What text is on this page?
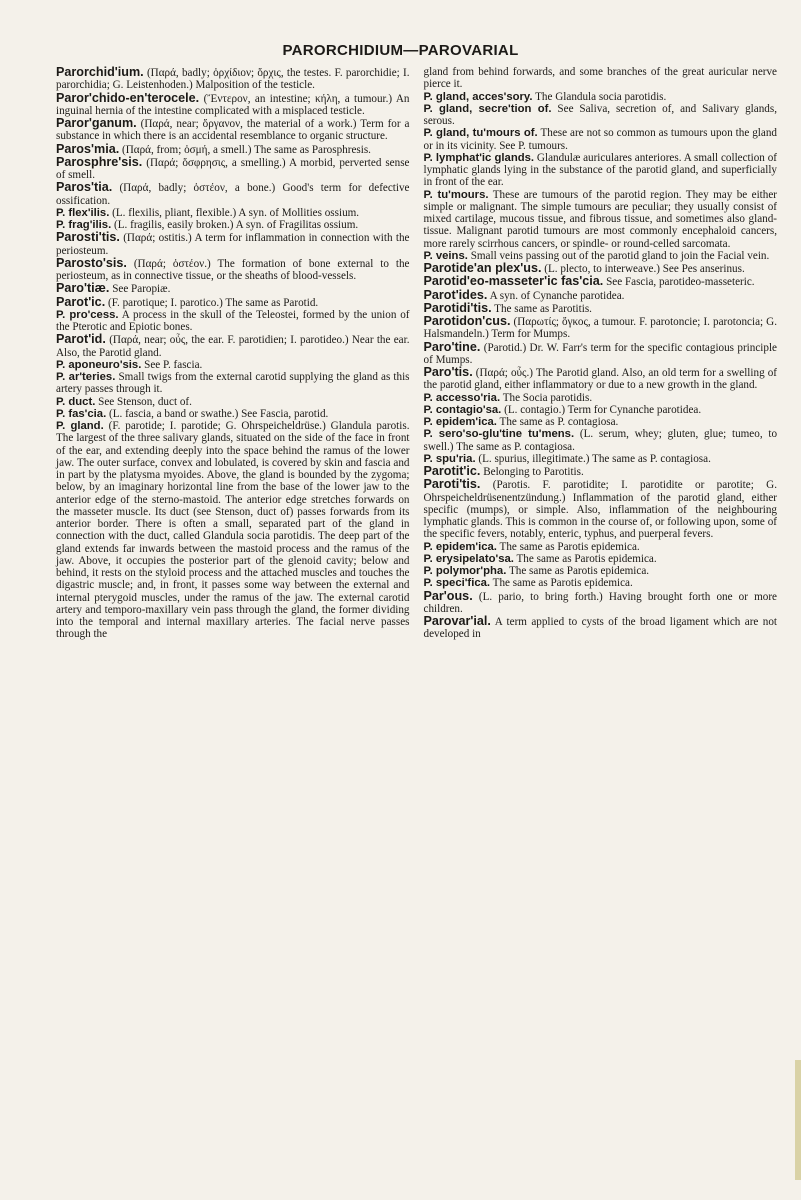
PARORCHIDIUM—PAROVARIAL

Parorchid'ium. (Παρά, badly; ὀρχίδιον; ὄρχις, the testes. F. parorchidie; I. parorchidia; G. Leistenhoden.) Malposition of the testicle.

Paror'chido-en'terocele. (Ἔντερον, an intestine; κήλη, a tumour.) An inguinal hernia of the intestine complicated with a misplaced testicle.

Paror'ganum. (Παρά, near; ὄργανον, the material of a work.) Term for a substance in which there is an accidental resemblance to organic structure.

Paros'mia. (Παρά, from; ὀσμή, a smell.) The same as Parosphresis.

Parosphre'sis. (Παρά; ὄσφρησις, a smelling.) A morbid, perverted sense of smell.

Paros'tia. (Παρά, badly; ὀστέον, a bone.) Good's term for defective ossification.

P. flex'ilis. (L. flexilis, pliant, flexible.) A syn. of Mollities ossium.

P. frag'ilis. (L. fragilis, easily broken.) A syn. of Fragilitas ossium.

Parosti'tis. (Παρά; ostitis.) A term for inflammation in connection with the periosteum.

Parosto'sis. (Παρά; ὀστέον.) The formation of bone external to the periosteum, as in connective tissue, or the sheaths of blood-vessels.

Paro'tiæ. See Paropiæ.

Parot'ic. (F. parotique; I. parotico.) The same as Parotid.

P. pro'cess. A process in the skull of the Teleostei, formed by the union of the Pterotic and Epiotic bones.

Parot'id. (Παρά, near; οὖς, the ear. F. parotidien; I. parotideo.) Near the ear. Also, the Parotid gland.

P. aponeuro'sis. See P. fascia.

P. ar'teries. Small twigs from the external carotid supplying the gland as this artery passes through it.

P. duct. See Stenson, duct of.

P. fas'cia. (L. fascia, a band or swathe.) See Fascia, parotid.

P. gland. (F. parotide; I. parotide; G. Ohrspeicheldrüse.) Glandula parotis. The largest of the three salivary glands, situated on the side of the face in front of the ear, and extending deeply into the space behind the ramus of the lower jaw. The outer surface, convex and lobulated, is covered by skin and fascia and in part by the platysma myoides. Above, the gland is bounded by the zygoma; below, by an imaginary horizontal line from the base of the lower jaw to the anterior edge of the sterno-mastoid. The anterior edge stretches forwards on the masseter muscle. Its duct (see Stenson, duct of) passes forwards from its anterior border. There is often a small, separated part of the gland in connection with the duct, called Glandula socia parotidis. The deep part of the gland extends far inwards between the mastoid process and the ramus of the jaw. Above, it occupies the posterior part of the glenoid cavity; below and behind, it rests on the styloid process and the attached muscles and touches the digastric muscle; and, in front, it passes some way between the external and internal pterygoid muscles, under the ramus of the jaw. The external carotid artery and temporo-maxillary vein pass through the gland, the former dividing into the temporal and internal maxillary arteries. The facial nerve passes through the

gland from behind forwards, and some branches of the great auricular nerve pierce it.

P. gland, acces'sory. The Glandula socia parotidis.

P. gland, secre'tion of. See Saliva, secretion of, and Salivary glands, serous.

P. gland, tu'mours of. These are not so common as tumours upon the gland or in its vicinity. See P. tumours.

P. lymphat'ic glands. Glandulæ auriculares anteriores. A small collection of lymphatic glands lying in the substance of the parotid gland, and superficially in front of the ear.

P. tu'mours. These are tumours of the parotid region. They may be either simple or malignant. The simple tumours are peculiar; they usually consist of mixed cartilage, mucous tissue, and fibrous tissue, and sometimes also gland-tissue. Malignant parotid tumours are most commonly encephaloid cancers, more rarely scirrhous cancers, or spindle- or round-celled sarcomata.

P. veins. Small veins passing out of the parotid gland to join the Facial vein.

Parotide'an plex'us. (L. plecto, to interweave.) See Pes anserinus.

Parotid'eo-masseter'ic fas'cia. See Fascia, parotideo-masseteric.

Parot'ides. A syn. of Cynanche parotidea.

Parotidi'tis. The same as Parotitis.

Parotidon'cus. (Παρωτίς; ὄγκος, a tumour. F. parotoncie; I. parotoncia; G. Halsmandeln.) Term for Mumps.

Paro'tine. (Parotid.) Dr. W. Farr's term for the specific contagious principle of Mumps.

Paro'tis. (Παρά; οὖς.) The Parotid gland. Also, an old term for a swelling of the parotid gland, either inflammatory or due to a new growth in the gland.

P. accesso'ria. The Socia parotidis.

P. contagio'sa. (L. contagio.) Term for Cynanche parotidea.

P. epidem'ica. The same as P. contagiosa.

P. sero'so-glu'tine tu'mens. (L. serum, whey; gluten, glue; tumeo, to swell.) The same as P. contagiosa.

P. spu'ria. (L. spurius, illegitimate.) The same as P. contagiosa.

Parotit'ic. Belonging to Parotitis.

Paroti'tis. (Parotis. F. parotidite; I. parotidite or parotite; G. Ohrspeicheldrüsenentzündung.) Inflammation of the parotid gland, either specific (mumps), or simple. Also, inflammation of the neighbouring lymphatic glands. This is common in the course of, or following upon, some of the specific fevers, notably, enteric, typhus, and puerperal fevers.

P. epidem'ica. The same as Parotis epidemica.

P. erysipelato'sa. The same as Parotis epidemica.

P. polymor'pha. The same as Parotis epidemica.

P. speci'fica. The same as Parotis epidemica.

Par'ous. (L. pario, to bring forth.) Having brought forth one or more children.

Parovar'ial. A term applied to cysts of the broad ligament which are not developed in
